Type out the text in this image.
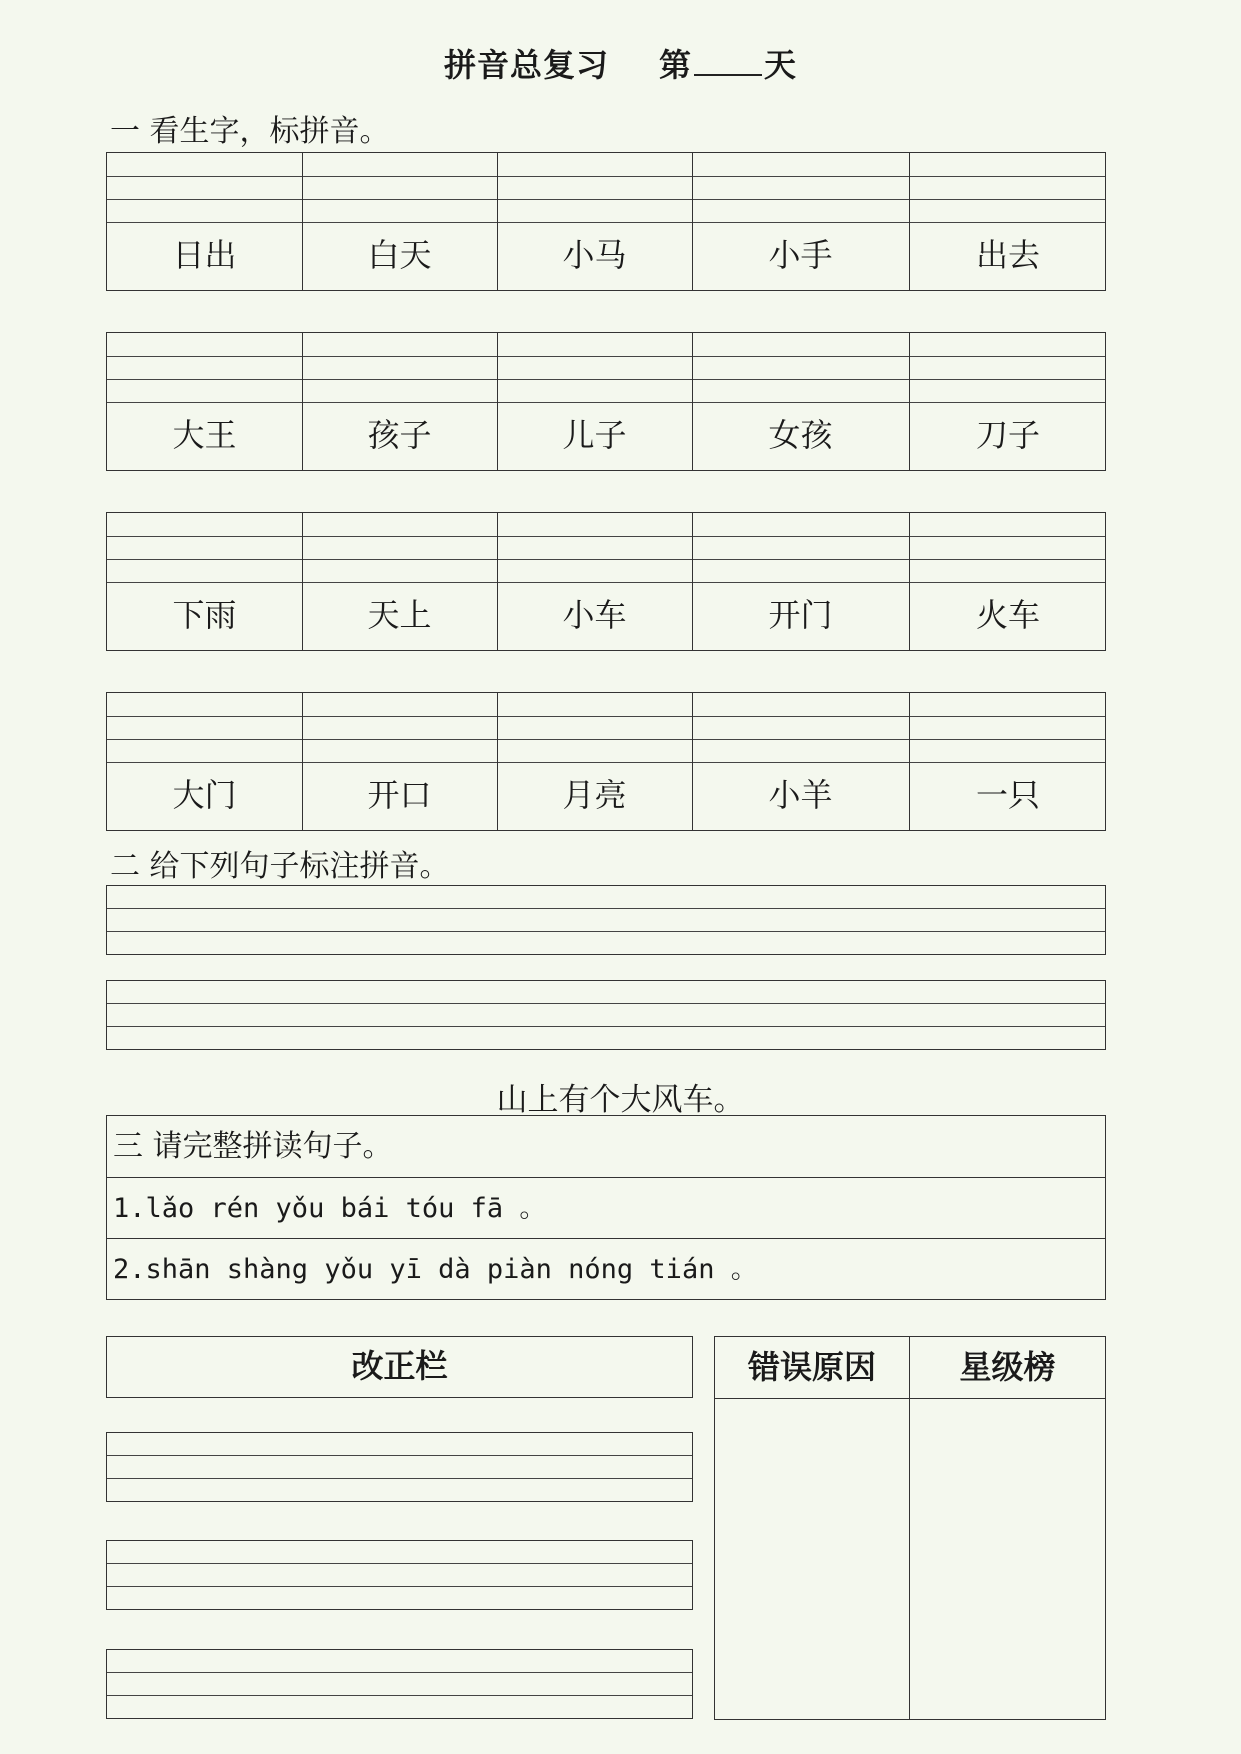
拼音总复习 第 天
一 看生字，标拼音。
日出	白天	小马	小手	出去
大王	孩子	儿子	女孩	刀子
下雨	天上	小车	开门	火车
大门	开口	月亮	小羊	一只
二 给下列句子标注拼音。
山上有个大风车。
三 请完整拼读句子。
1.lǎo rén yǒu bái tóu fā 。
2.shān shàng yǒu yī dà piàn nóng tián 。
改正栏	错误原因	星级榜
